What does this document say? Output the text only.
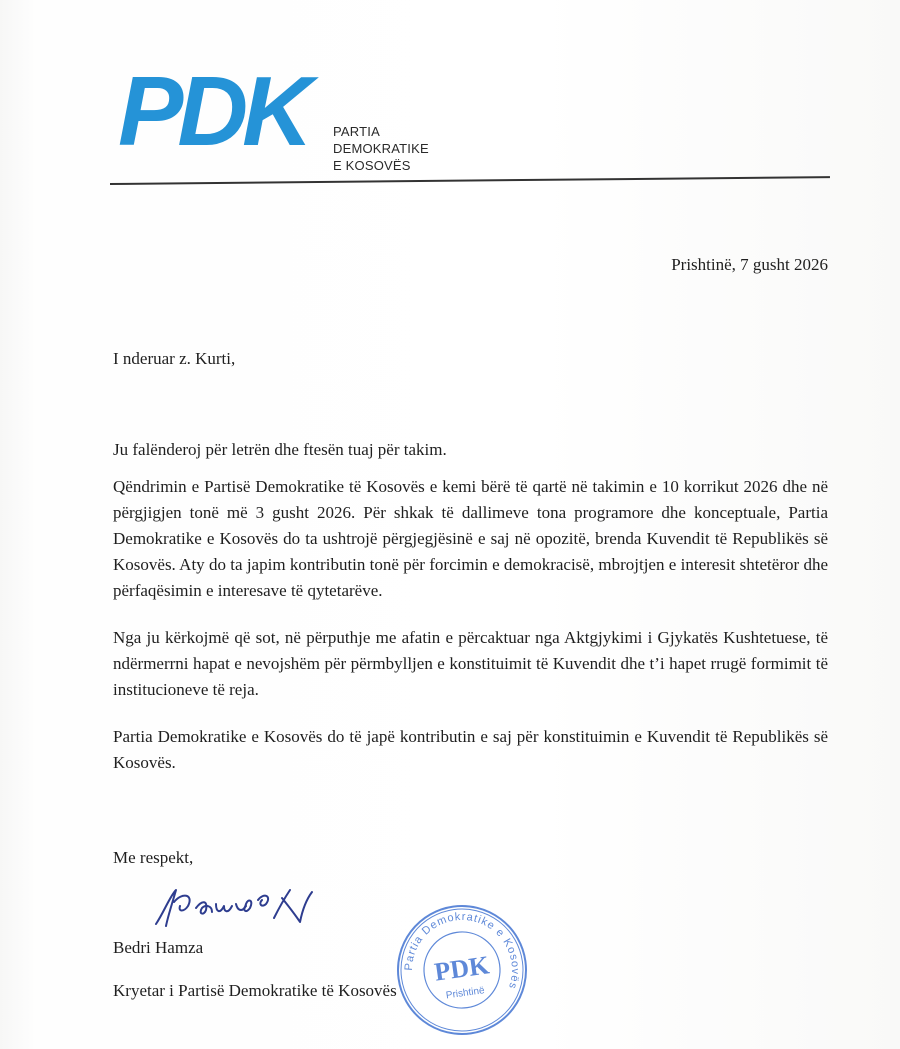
PDK PARTIA DEMOKRATIKE
E KOSOVËS
Prishtinë, 7 gusht 2026
I nderuar z. Kurti,

Ju falënderoj për letrën dhe ftesën tuaj për takim.

Qëndrimin e Partisë Demokratike të Kosovës e kemi bërë të qartë në takimin e 10 korrikut 2026 dhe në përgjigjen tonë më 3 gusht 2026. Për shkak të dallimeve tona programore dhe konceptuale, Partia Demokratike e Kosovës do ta ushtrojë përgjegjësinë e saj në opozitë, brenda Kuvendit të Republikës së Kosovës. Aty do ta japim kontributin tonë për forcimin e demokracisë, mbrojtjen e interesit shtetëror dhe përfaqësimin e interesave të qytetarëve.

Nga ju kërkojmë që sot, në përputhje me afatin e përcaktuar nga Aktgjykimi i Gjykatës Kushtetuese, të ndërmerrni hapat e nevojshëm për përmbylljen e konstituimit të Kuvendit dhe t’i hapet rrugë formimit të institucioneve të reja.

Partia Demokratike e Kosovës do të japë kontributin e saj për konstituimin e Kuvendit të Republikës së Kosovës.

Me respekt,
Bedri Hamza
Kryetar i Partisë Demokratike të Kosovës
Partia Demokratike e Kosovës
PDK
Prishtinë
